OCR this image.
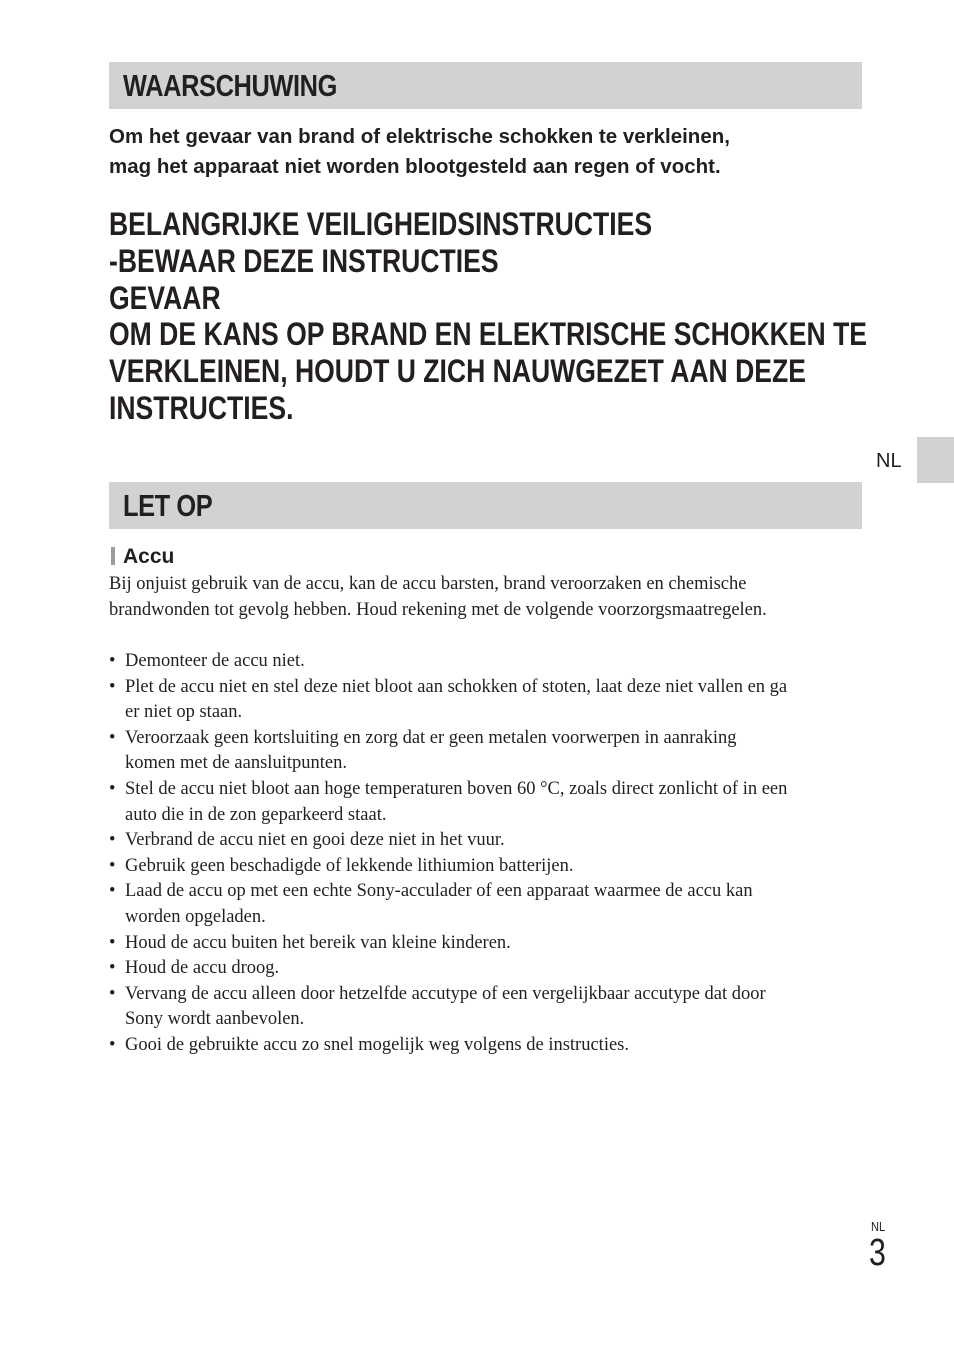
WAARSCHUWING
Om het gevaar van brand of elektrische schokken te verkleinen,
mag het apparaat niet worden blootgesteld aan regen of vocht.
BELANGRIJKE VEILIGHEIDSINSTRUCTIES
-BEWAAR DEZE INSTRUCTIES
GEVAAR
OM DE KANS OP BRAND EN ELEKTRISCHE SCHOKKEN TE
VERKLEINEN, HOUDT U ZICH NAUWGEZET AAN DEZE
INSTRUCTIES.
NL
LET OP
Accu
Bij onjuist gebruik van de accu, kan de accu barsten, brand veroorzaken en chemische
brandwonden tot gevolg hebben. Houd rekening met de volgende voorzorgsmaatregelen.
• Demonteer de accu niet.
• Plet de accu niet en stel deze niet bloot aan schokken of stoten, laat deze niet vallen en ga
er niet op staan.
• Veroorzaak geen kortsluiting en zorg dat er geen metalen voorwerpen in aanraking
komen met de aansluitpunten.
• Stel de accu niet bloot aan hoge temperaturen boven 60 °C, zoals direct zonlicht of in een
auto die in de zon geparkeerd staat.
• Verbrand de accu niet en gooi deze niet in het vuur.
• Gebruik geen beschadigde of lekkende lithiumion batterijen.
• Laad de accu op met een echte Sony-acculader of een apparaat waarmee de accu kan
worden opgeladen.
• Houd de accu buiten het bereik van kleine kinderen.
• Houd de accu droog.
• Vervang de accu alleen door hetzelfde accutype of een vergelijkbaar accutype dat door
Sony wordt aanbevolen.
• Gooi de gebruikte accu zo snel mogelijk weg volgens de instructies.
NL
3
